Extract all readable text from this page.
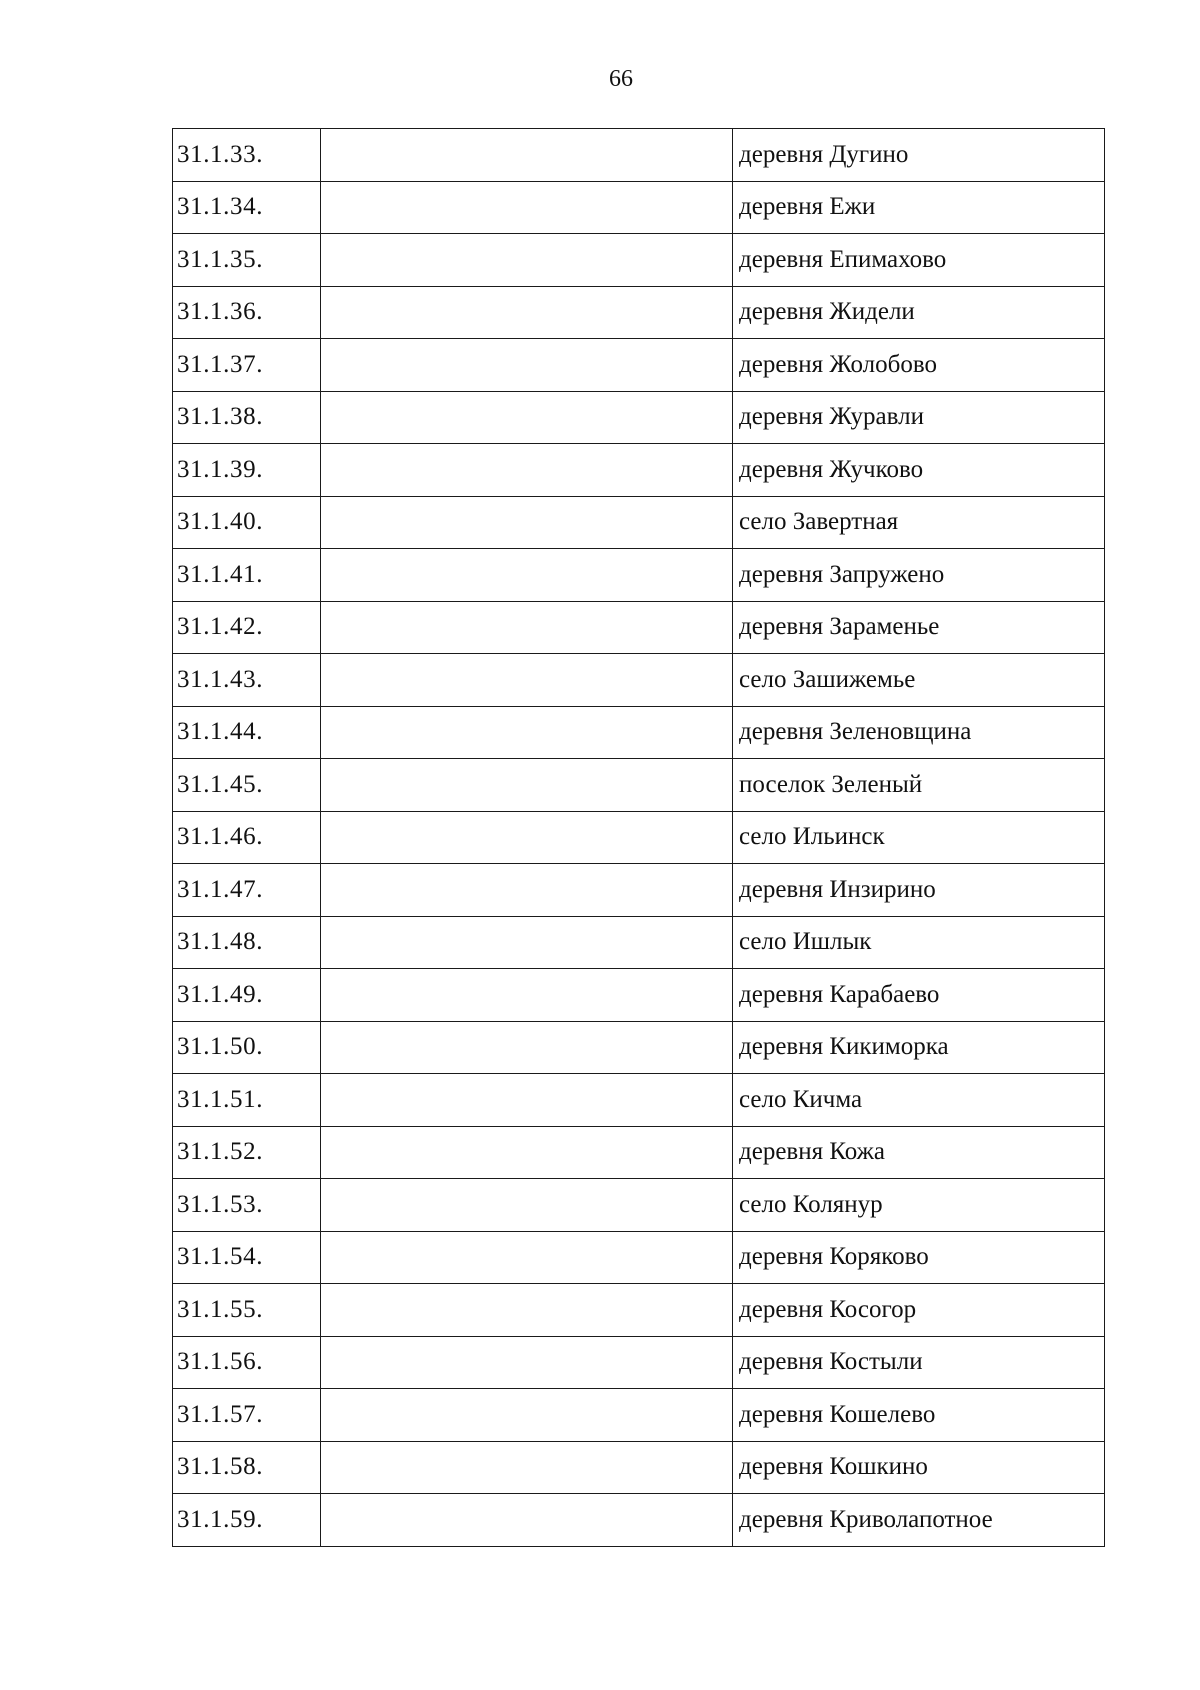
66
31.1.33.		деревня Дугино
31.1.34.		деревня Ежи
31.1.35.		деревня Епимахово
31.1.36.		деревня Жидели
31.1.37.		деревня Жолобово
31.1.38.		деревня Журавли
31.1.39.		деревня Жучково
31.1.40.		село Завертная
31.1.41.		деревня Запружено
31.1.42.		деревня Зараменье
31.1.43.		село Зашижемье
31.1.44.		деревня Зеленовщина
31.1.45.		поселок Зеленый
31.1.46.		село Ильинск
31.1.47.		деревня Инзирино
31.1.48.		село Ишлык
31.1.49.		деревня Карабаево
31.1.50.		деревня Кикиморка
31.1.51.		село Кичма
31.1.52.		деревня Кожа
31.1.53.		село Колянур
31.1.54.		деревня Коряково
31.1.55.		деревня Косогор
31.1.56.		деревня Костыли
31.1.57.		деревня Кошелево
31.1.58.		деревня Кошкино
31.1.59.		деревня Криволапотное
